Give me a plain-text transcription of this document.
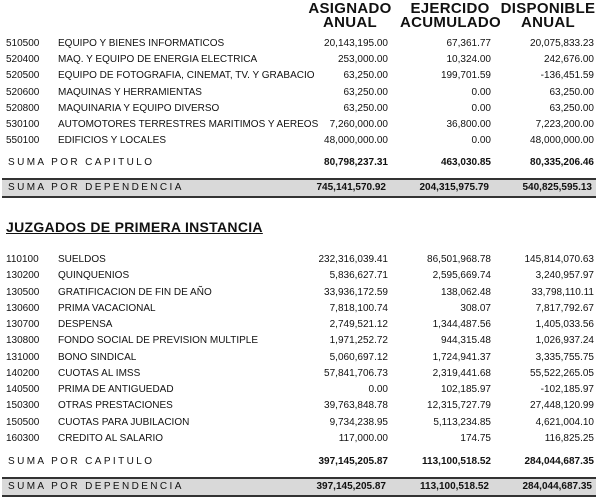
ASIGNADO
ANUAL
EJERCIDO
ACUMULADO
DISPONIBLE
ANUAL
510500 EQUIPO Y BIENES INFORMATICOS	20,143,195.00	67,361.77	20,075,833.23
520400 MAQ. Y EQUIPO DE ENERGIA ELECTRICA	253,000.00	10,324.00	242,676.00
520500 EQUIPO DE FOTOGRAFIA, CINEMAT, TV. Y GRABACIO	63,250.00	199,701.59	-136,451.59
520600 MAQUINAS Y HERRAMIENTAS	63,250.00	0.00	63,250.00
520800 MAQUINARIA Y EQUIPO DIVERSO	63,250.00	0.00	63,250.00
530100 AUTOMOTORES TERRESTRES MARITIMOS Y AEREOS 7,260,000.00	36,800.00	7,223,200.00
550100 EDIFICIOS Y LOCALES	48,000,000.00	0.00	48,000,000.00
SUMA POR CAPITULO	80,798,237.31	463,030.85	80,335,206.46
SUMA POR DEPENDENCIA	745,141,570.92	204,315,975.79	540,825,595.13
JUZGADOS DE PRIMERA INSTANCIA
110100 SUELDOS	232,316,039.41	86,501,968.78	145,814,070.63
130200 QUINQUENIOS	5,836,627.71	2,595,669.74	3,240,957.97
130500 GRATIFICACION DE FIN DE AÑO	33,936,172.59	138,062.48	33,798,110.11
130600 PRIMA VACACIONAL	7,818,100.74	308.07	7,817,792.67
130700 DESPENSA	2,749,521.12	1,344,487.56	1,405,033.56
130800 FONDO SOCIAL DE PREVISION MULTIPLE	1,971,252.72	944,315.48	1,026,937.24
131000 BONO SINDICAL	5,060,697.12	1,724,941.37	3,335,755.75
140200 CUOTAS AL IMSS	57,841,706.73	2,319,441.68	55,522,265.05
140500 PRIMA DE ANTIGUEDAD	0.00	102,185.97	-102,185.97
150300 OTRAS PRESTACIONES	39,763,848.78	12,315,727.79	27,448,120.99
150500 CUOTAS PARA JUBILACION	9,734,238.95	5,113,234.85	4,621,004.10
160300 CREDITO AL SALARIO	117,000.00	174.75	116,825.25
SUMA POR CAPITULO	397,145,205.87	113,100,518.52	284,044,687.35
SUMA POR DEPENDENCIA	397,145,205.87	113,100,518.52	284,044,687.35
